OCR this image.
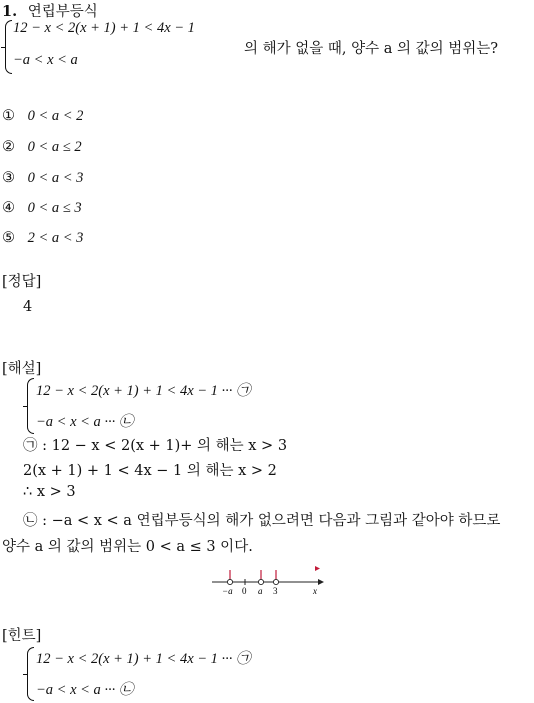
1. 연립부등식
12 − x < 2(x + 1) + 1 < 4x − 1
−a < x < a
의 해가 없을 때, 양수 a 의 값의 범위는?
① 0 < a < 2
② 0 < a ≤ 2
③ 0 < a < 3
④ 0 < a ≤ 3
⑤ 2 < a < 3
[정답]
4
[해설]
12 − x < 2(x + 1) + 1 < 4x − 1 ··· ㉠
−a < x < a ··· ㉡
㉠ : 12 − x < 2(x + 1)+ 의 해는 x > 3
2(x + 1) + 1 < 4x − 1 의 해는 x > 2
∴ x > 3
㉡ : −a < x < a 연립부등식의 해가 없으려면 다음과 그림과 같아야 하므로
양수 a 의 값의 범위는 0 < a ≤ 3 이다.
−a 0 a 3	x
[힌트]
12 − x < 2(x + 1) + 1 < 4x − 1 ··· ㉠
−a < x < a ··· ㉡
